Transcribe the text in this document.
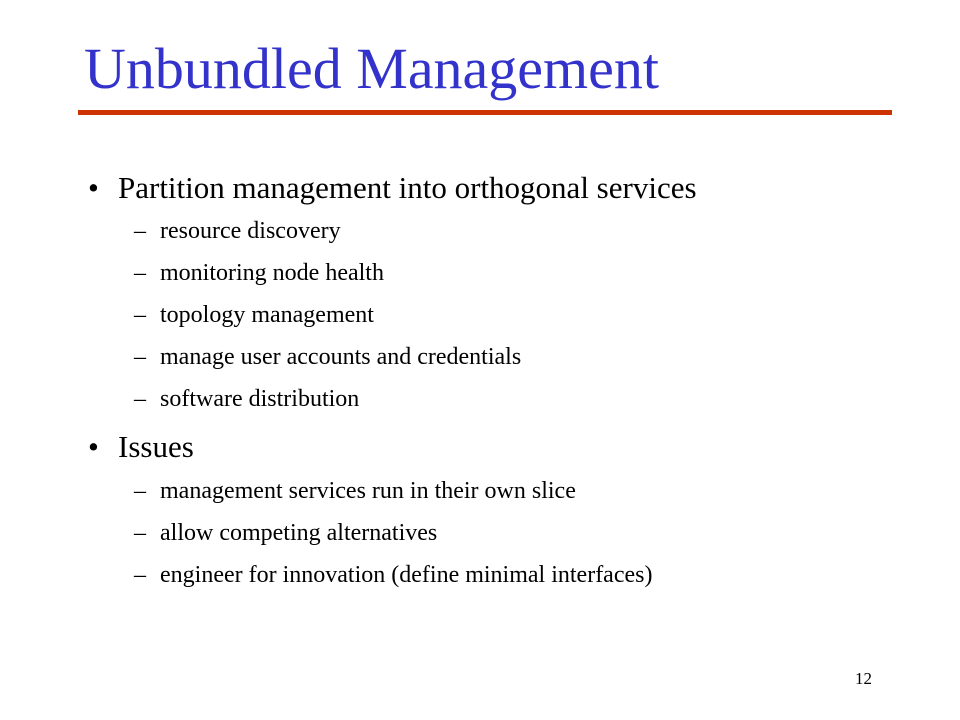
Unbundled Management
• Partition management into orthogonal services
– resource discovery
– monitoring node health
– topology management
– manage user accounts and credentials
– software distribution
• Issues
– management services run in their own slice
– allow competing alternatives
– engineer for innovation (define minimal interfaces)
12
